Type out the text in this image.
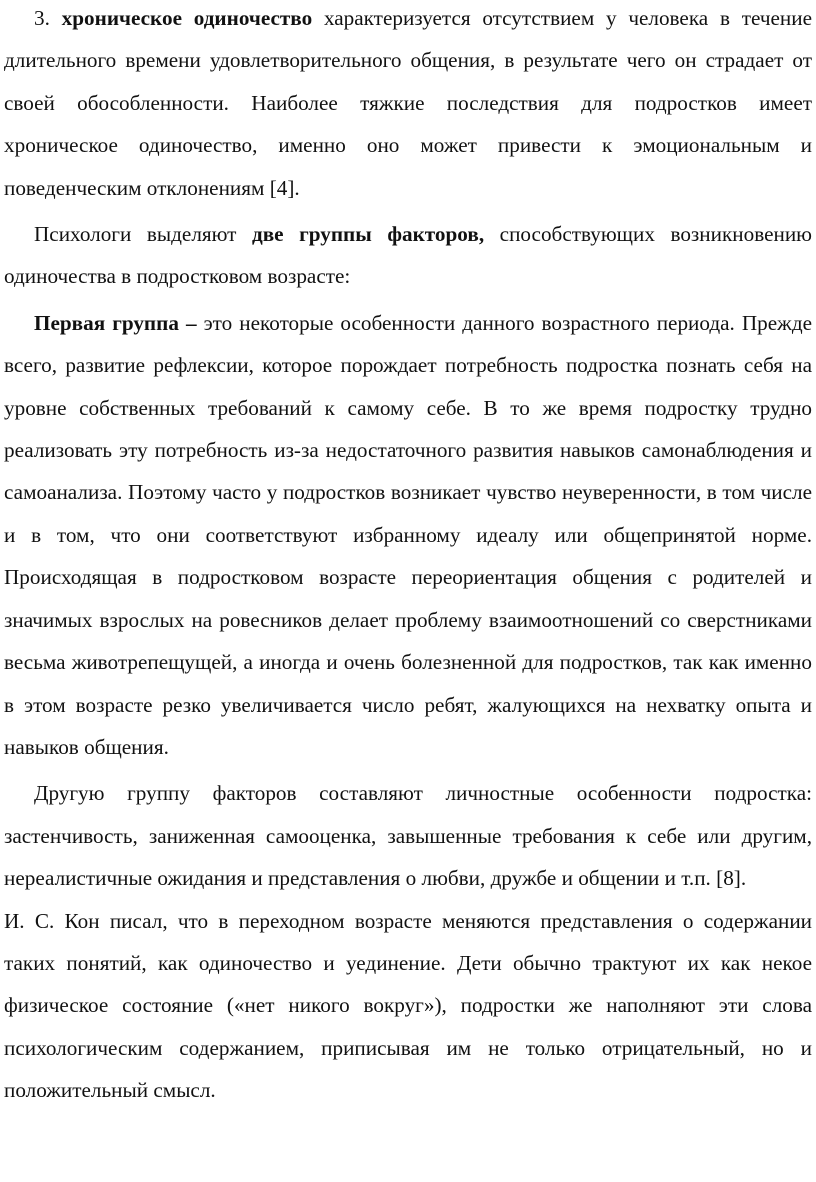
3. хроническое одиночество характеризуется отсутствием у человека в течение длительного времени удовлетворительного общения, в результате чего он страдает от своей обособленности. Наиболее тяжкие последствия для подростков имеет хроническое одиночество, именно оно может привести к эмоциональным и поведенческим отклонениям [4].

Психологи выделяют две группы факторов, способствующих возникновению одиночества в подростковом возрасте:

Первая группа – это некоторые особенности данного возрастного периода. Прежде всего, развитие рефлексии, которое порождает потребность подростка познать себя на уровне собственных требований к самому себе. В то же время подростку трудно реализовать эту потребность из-за недостаточного развития навыков самонаблюдения и самоанализа. Поэтому часто у подростков возникает чувство неуверенности, в том числе и в том, что они соответствуют избранному идеалу или общепринятой норме. Происходящая в подростковом возрасте переориентация общения с родителей и значимых взрослых на ровесников делает проблему взаимоотношений со сверстниками весьма животрепещущей, а иногда и очень болезненной для подростков, так как именно в этом возрасте резко увеличивается число ребят, жалующихся на нехватку опыта и навыков общения.

Другую группу факторов составляют личностные особенности подростка: застенчивость, заниженная самооценка, завышенные требования к себе или другим, нереалистичные ожидания и представления о любви, дружбе и общении и т.п. [8].

И. С. Кон писал, что в переходном возрасте меняются представления о содержании таких понятий, как одиночество и уединение. Дети обычно трактуют их как некое физическое состояние («нет никого вокруг»), подростки же наполняют эти слова психологическим содержанием, приписывая им не только отрицательный, но и положительный смысл.
